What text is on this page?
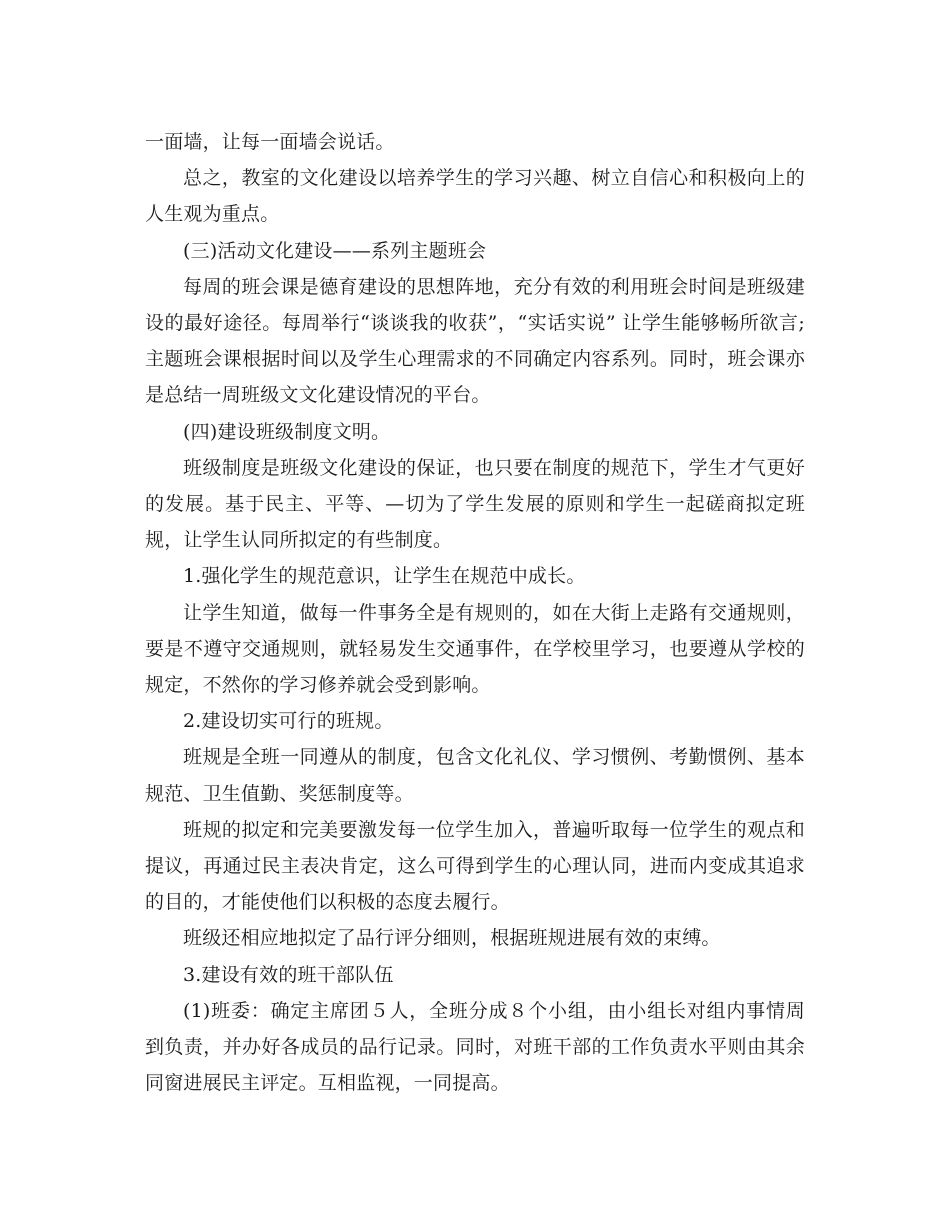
一面墙，让每一面墙会说话。

总之，教室的文化建设以培养学生的学习兴趣、树立自信心和积极向上的人生观为重点。

(三)活动文化建设——系列主题班会

每周的班会课是德育建设的思想阵地，充分有效的利用班会时间是班级建设的最好途径。每周举行“谈谈我的收获”，“实话实说” 让学生能够畅所欲言;主题班会课根据时间以及学生心理需求的不同确定内容系列。同时，班会课亦是总结一周班级文文化建设情况的平台。

(四)建设班级制度文明。

班级制度是班级文化建设的保证，也只要在制度的规范下，学生才气更好的发展。基于民主、平等、—切为了学生发展的原则和学生一起磋商拟定班规，让学生认同所拟定的有些制度。

1.强化学生的规范意识，让学生在规范中成长。

让学生知道，做每一件事务全是有规则的，如在大街上走路有交通规则，要是不遵守交通规则，就轻易发生交通事件，在学校里学习，也要遵从学校的规定，不然你的学习修养就会受到影响。

2.建设切实可行的班规。

班规是全班一同遵从的制度，包含文化礼仪、学习惯例、考勤惯例、基本规范、卫生值勤、奖惩制度等。

班规的拟定和完美要激发每一位学生加入，普遍听取每一位学生的观点和提议，再通过民主表决肯定，这么可得到学生的心理认同，进而内变成其追求的目的，才能使他们以积极的态度去履行。

班级还相应地拟定了品行评分细则，根据班规进展有效的束缚。

3.建设有效的班干部队伍

(1)班委：确定主席团５人，全班分成８个小组，由小组长对组内事情周到负责，并办好各成员的品行记录。同时，对班干部的工作负责水平则由其余同窗进展民主评定。互相监视，一同提高。
